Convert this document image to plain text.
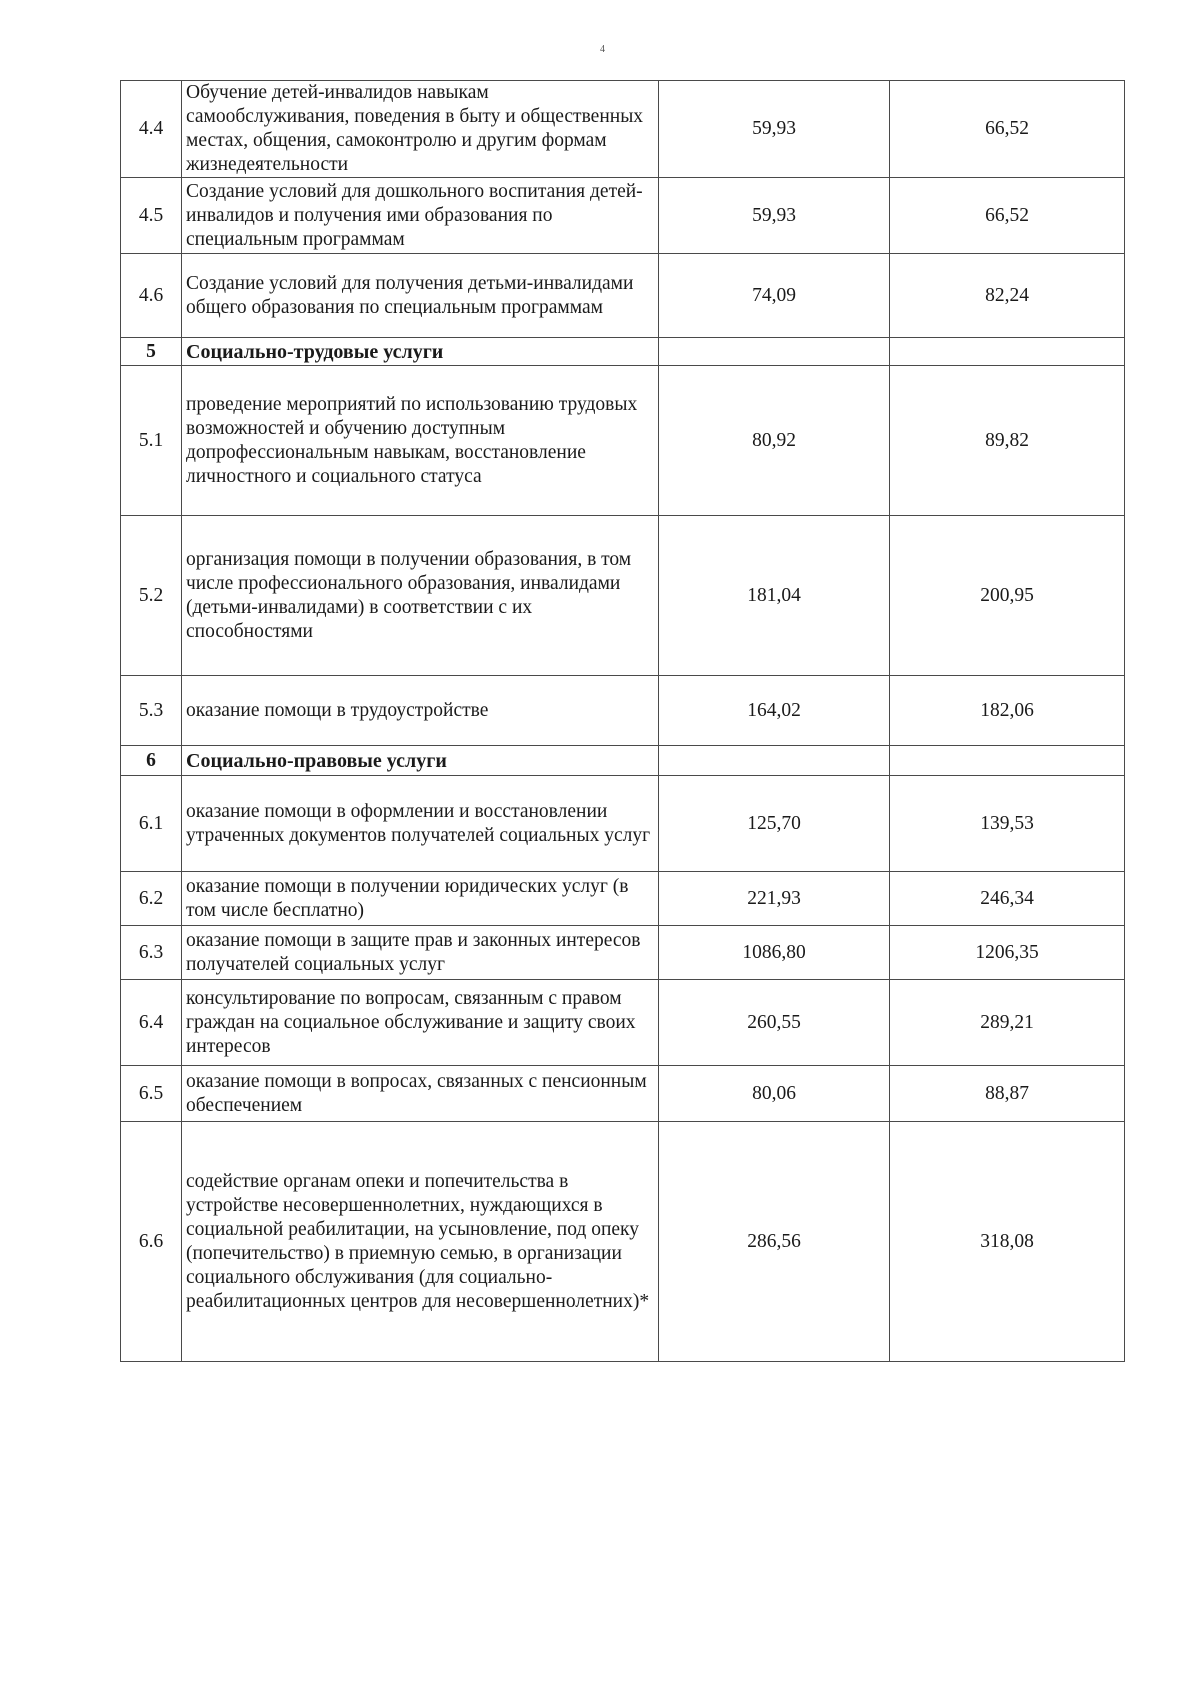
4
4.4	Обучение детей-инвалидов навыкам самообслуживания, поведения в быту и общественных местах, общения, самоконтролю и другим формам жизнедеятельности	59,93	66,52
4.5	Создание условий для дошкольного воспитания детей-инвалидов и получения ими образования по специальным программам	59,93	66,52
4.6	Создание условий для получения детьми-инвалидами общего образования по специальным программам	74,09	82,24
5	Социально-трудовые услуги		
5.1	проведение мероприятий по использованию трудовых возможностей и обучению доступным допрофессиональным навыкам, восстановление личностного и социального статуса	80,92	89,82
5.2	организация помощи в получении образования, в том числе профессионального образования, инвалидами (детьми-инвалидами) в соответствии с их способностями	181,04	200,95
5.3	оказание помощи в трудоустройстве	164,02	182,06
6	Социально-правовые услуги		
6.1	оказание помощи в оформлении и восстановлении утраченных документов получателей социальных услуг	125,70	139,53
6.2	оказание помощи в получении юридических услуг (в том числе бесплатно)	221,93	246,34
6.3	оказание помощи в защите прав и законных интересов получателей социальных услуг	1086,80	1206,35
6.4	консультирование по вопросам, связанным с правом граждан на социальное обслуживание и защиту своих интересов	260,55	289,21
6.5	оказание помощи в вопросах, связанных с пенсионным обеспечением	80,06	88,87
6.6	содействие органам опеки и попечительства в устройстве несовершеннолетних, нуждающихся в социальной реабилитации, на усыновление, под опеку (попечительство) в приемную семью, в организации социального обслуживания (для социально-реабилитационных центров для несовершеннолетних)*	286,56	318,08
